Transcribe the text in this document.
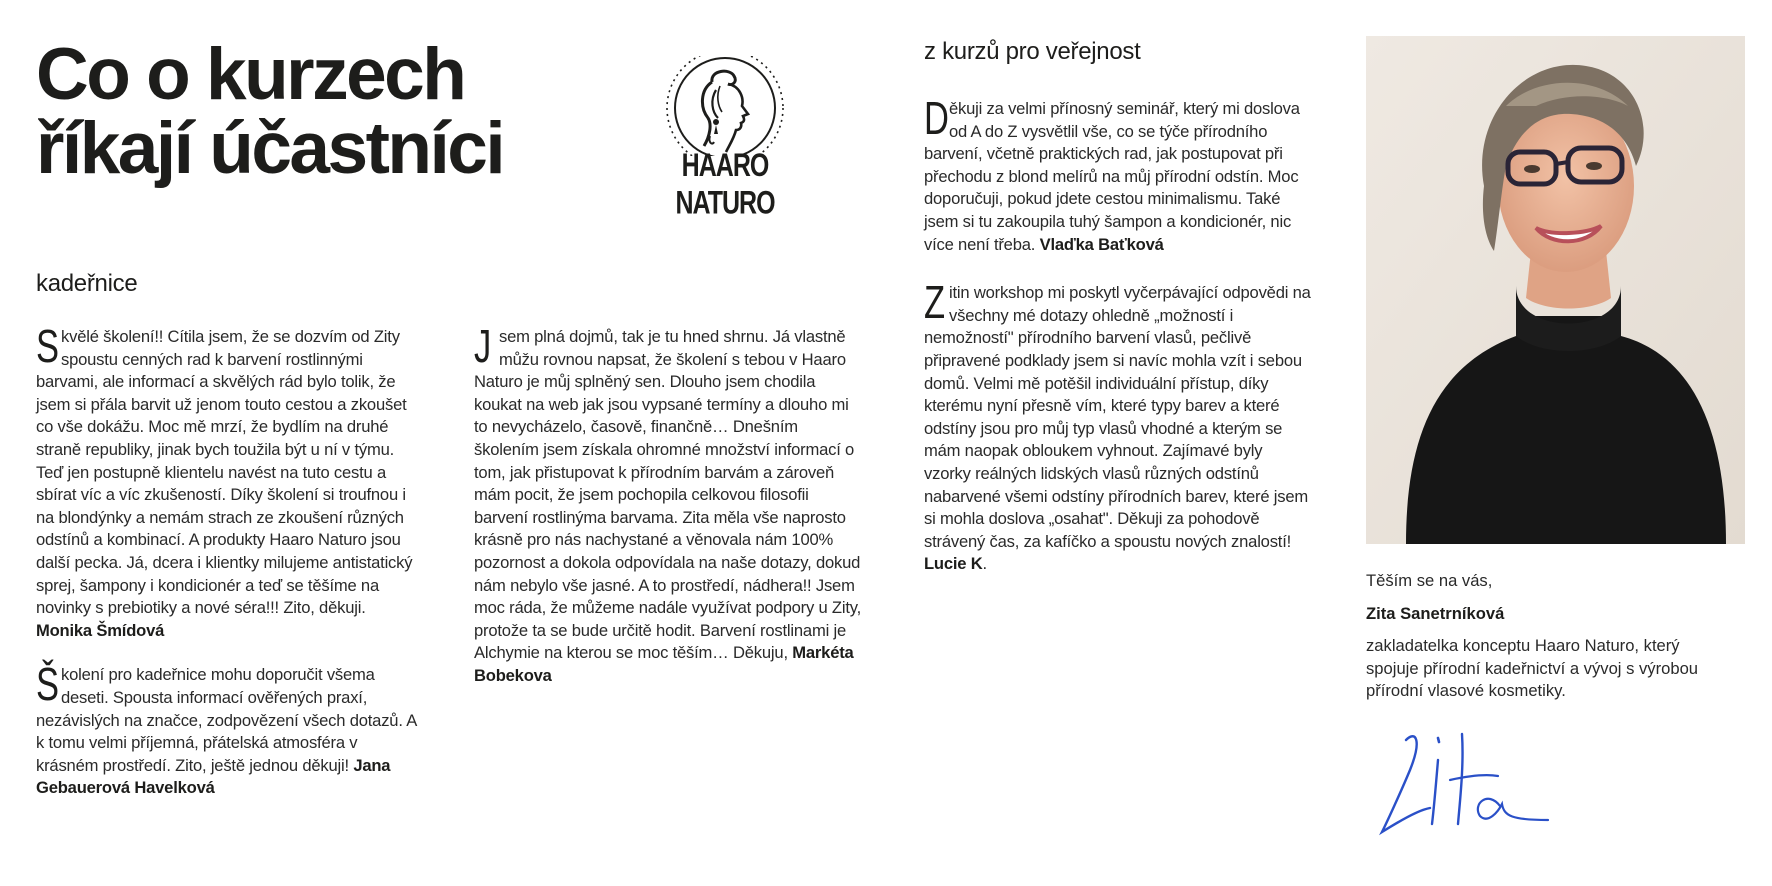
Co o kurzech
říkají účastníci	HAARO NATURO
kadeřnice
z kurzů pro veřejnost

Skvělé školení!! Cítila jsem, že se dozvím od Zity spoustu cenných rad k barvení rostlinnými barvami, ale informací a skvělých rád bylo tolik, že jsem si přála barvit už jenom touto cestou a zkoušet co vše dokážu. Moc mě mrzí, že bydlím na druhé straně republiky, jinak bych toužila být u ní v týmu. Teď jen postupně klientelu navést na tuto cestu a sbírat víc a víc zkušeností. Díky školení si troufnou i na blondýnky a nemám strach ze zkoušení různých odstínů a kombinací. A produkty Haaro Naturo jsou další pecka. Já, dcera i klientky milujeme antistatický sprej, šampony i kondicionér a teď se těšíme na novinky s prebiotiky a nové séra!!! Zito, děkuji. Monika Šmídová

Školení pro kadeřnice mohu doporučit všema deseti. Spousta informací ověřených praxí, nezávislých na značce, zodpovězení všech dotazů. A k tomu velmi příjemná, přátelská atmosféra v krásném prostředí. Zito, ještě jednou děkuji! Jana Gebauerová Havelková

Jsem plná dojmů, tak je tu hned shrnu. Já vlastně můžu rovnou napsat, že školení s tebou v Haaro Naturo je můj splněný sen. Dlouho jsem chodila koukat na web jak jsou vypsané termíny a dlouho mi to nevycházelo, časově, finančně… Dnešním školením jsem získala ohromné množství informací o tom, jak přistupovat k přírodním barvám a zároveň mám pocit, že jsem pochopila celkovou filosofii barvení rostlinýma barvama. Zita měla vše naprosto krásně pro nás nachystané a věnovala nám 100% pozornost a dokola odpovídala na naše dotazy, dokud nám nebylo vše jasné. A to prostředí, nádhera!! Jsem moc ráda, že můžeme nadále využívat podpory u Zity, protože ta se bude určitě hodit. Barvení rostlinami je Alchymie na kterou se moc těším… Děkuju, Markéta Bobekova

Děkuji za velmi přínosný seminář, který mi doslova od A do Z vysvětlil vše, co se týče přírodního barvení, včetně praktických rad, jak postupovat při přechodu z blond melírů na můj přírodní odstín. Moc doporučuji, pokud jdete cestou minimalismu. Také jsem si tu zakoupila tuhý šampon a kondicionér, nic více není třeba. Vlaďka Baťková

Zitin workshop mi poskytl vyčerpávající odpovědi na všechny mé dotazy ohledně „možností i nemožností" přírodního barvení vlasů, pečlivě připravené podklady jsem si navíc mohla vzít i sebou domů. Velmi mě potěšil individuální přístup, díky kterému nyní přesně vím, které typy barev a které odstíny jsou pro můj typ vlasů vhodné a kterým se mám naopak obloukem vyhnout. Zajímavé byly vzorky reálných lidských vlasů různých odstínů nabarvené všemi odstíny přírodních barev, které jsem si mohla doslova „osahat". Děkuji za pohodově strávený čas, za kafíčko a spoustu nových znalostí! Lucie K.

Těším se na vás,

Zita Sanetrníková

zakladatelka konceptu Haaro Naturo, který spojuje přírodní kadeřnictví a vývoj s výrobou přírodní vlasové kosmetiky.
